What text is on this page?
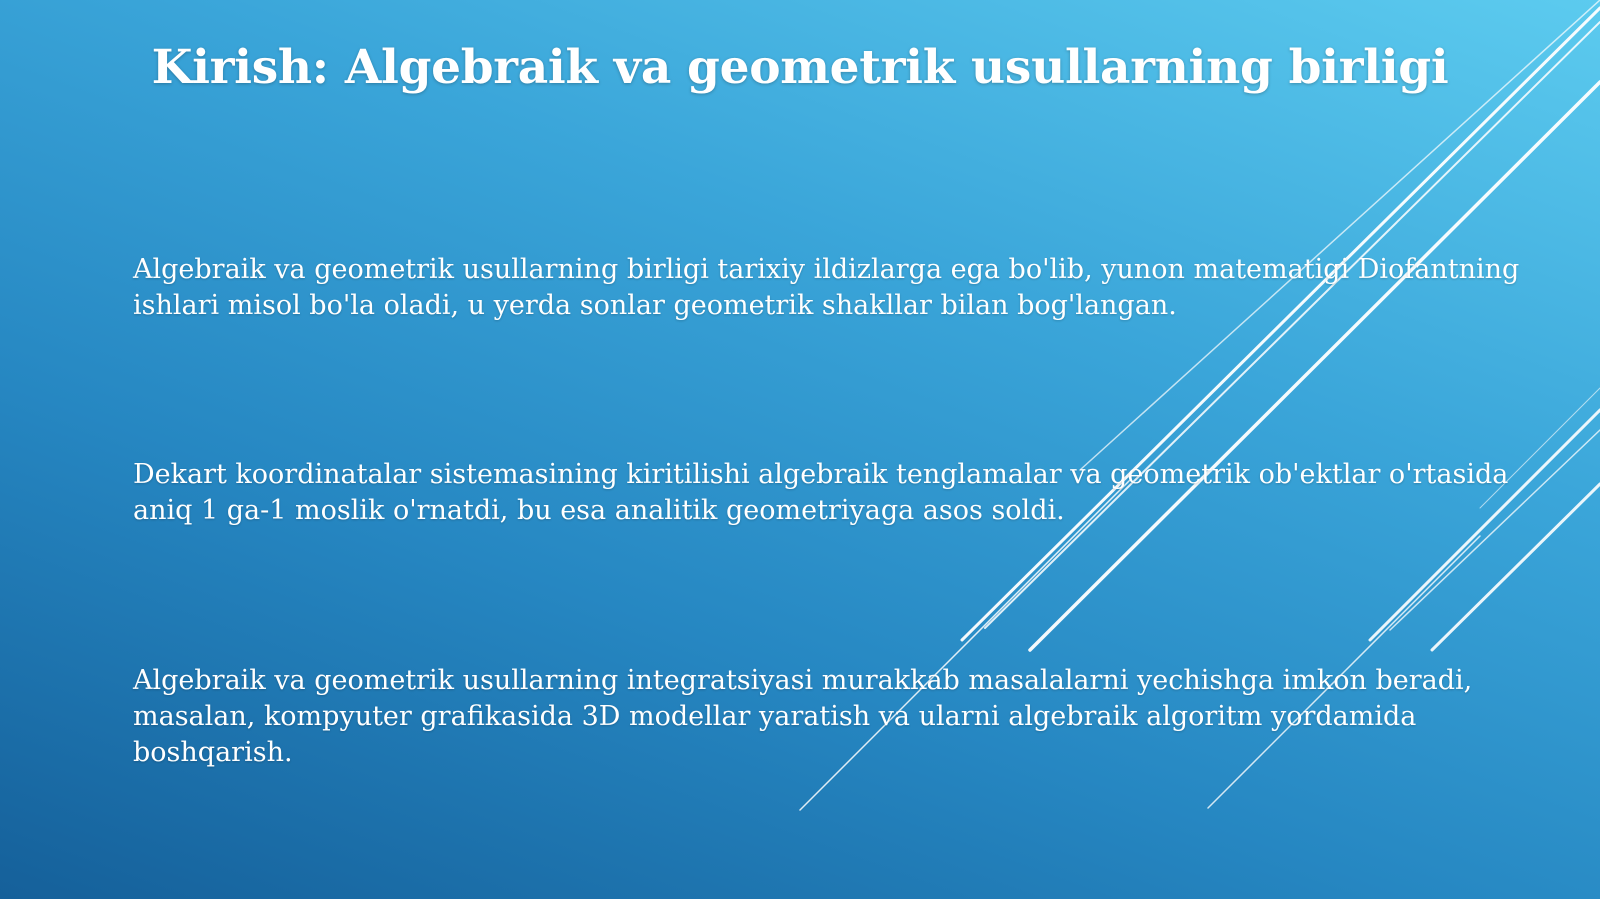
Kirish: Algebraik va geometrik usullarning birligi

Algebraik va geometrik usullarning birligi tarixiy ildizlarga ega bo'lib, yunon matematigi Diofantning ishlari misol bo'la oladi, u yerda sonlar geometrik shakllar bilan bog'langan.

Dekart koordinatalar sistemasining kiritilishi algebraik tenglamalar va geometrik ob'ektlar o'rtasida aniq 1 ga-1 moslik o'rnatdi, bu esa analitik geometriyaga asos soldi.

Algebraik va geometrik usullarning integratsiyasi murakkab masalalarni yechishga imkon beradi, masalan, kompyuter grafikasida 3D modellar yaratish va ularni algebraik algoritm yordamida boshqarish.
